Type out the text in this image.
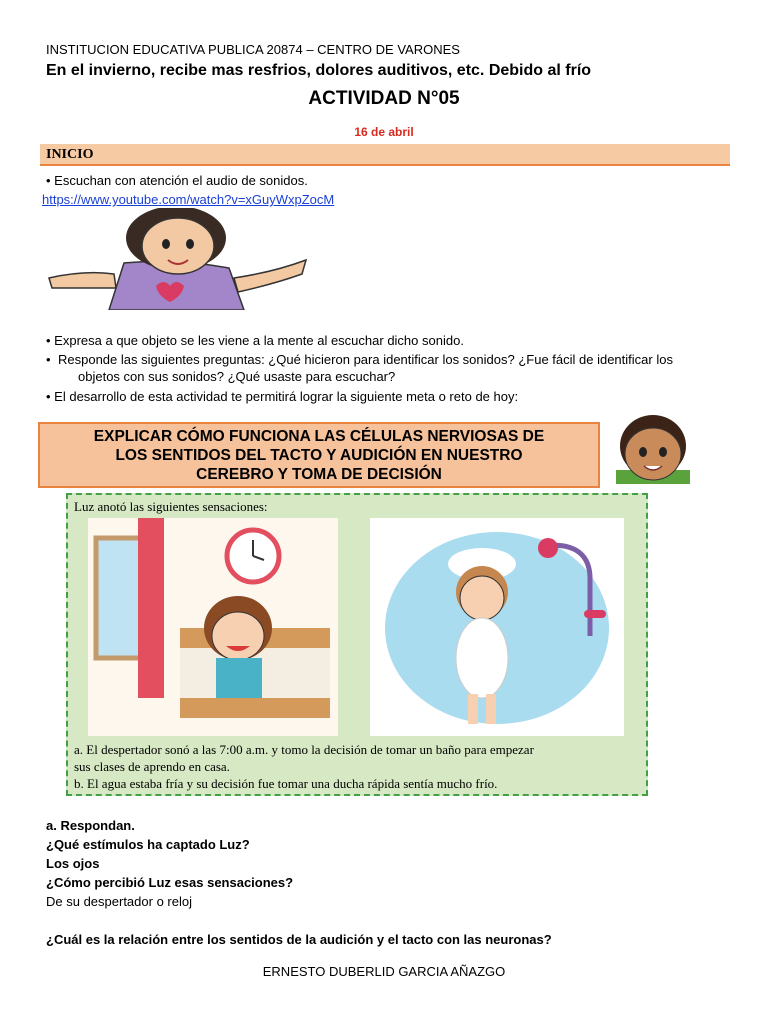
INSTITUCION EDUCATIVA PUBLICA 20874 – CENTRO DE VARONES
En el invierno, recibe mas resfrios, dolores auditivos, etc. Debido al frío
ACTIVIDAD N°05
16 de abril
INICIO
• Escuchan con atención el audio de sonidos.
https://www.youtube.com/watch?v=xGuyWxpZocM
• Expresa a que objeto se les viene a la mente al escuchar dicho sonido.
• Responde las siguientes preguntas: ¿Qué hicieron para identificar los sonidos? ¿Fue fácil de identificar los
objetos con sus sonidos? ¿Qué usaste para escuchar?
• El desarrollo de esta actividad te permitirá lograr la siguiente meta o reto de hoy:
EXPLICAR CÓMO FUNCIONA LAS CÉLULAS NERVIOSAS DE
LOS SENTIDOS DEL TACTO Y AUDICIÓN EN NUESTRO
CEREBRO Y TOMA DE DECISIÓN
Luz anotó las siguientes sensaciones:
a. El despertador sonó a las 7:00 a.m. y tomo la decisión de tomar un baño para empezar
sus clases de aprendo en casa.
b. El agua estaba fría y su decisión fue tomar una ducha rápida sentía mucho frío.
a. Respondan.
¿Qué estímulos ha captado Luz?
Los ojos
¿Cómo percibió Luz esas sensaciones?
De su despertador o reloj
¿Cuál es la relación entre los sentidos de la audición y el tacto con las neuronas?
ERNESTO DUBERLID GARCIA AÑAZGO
